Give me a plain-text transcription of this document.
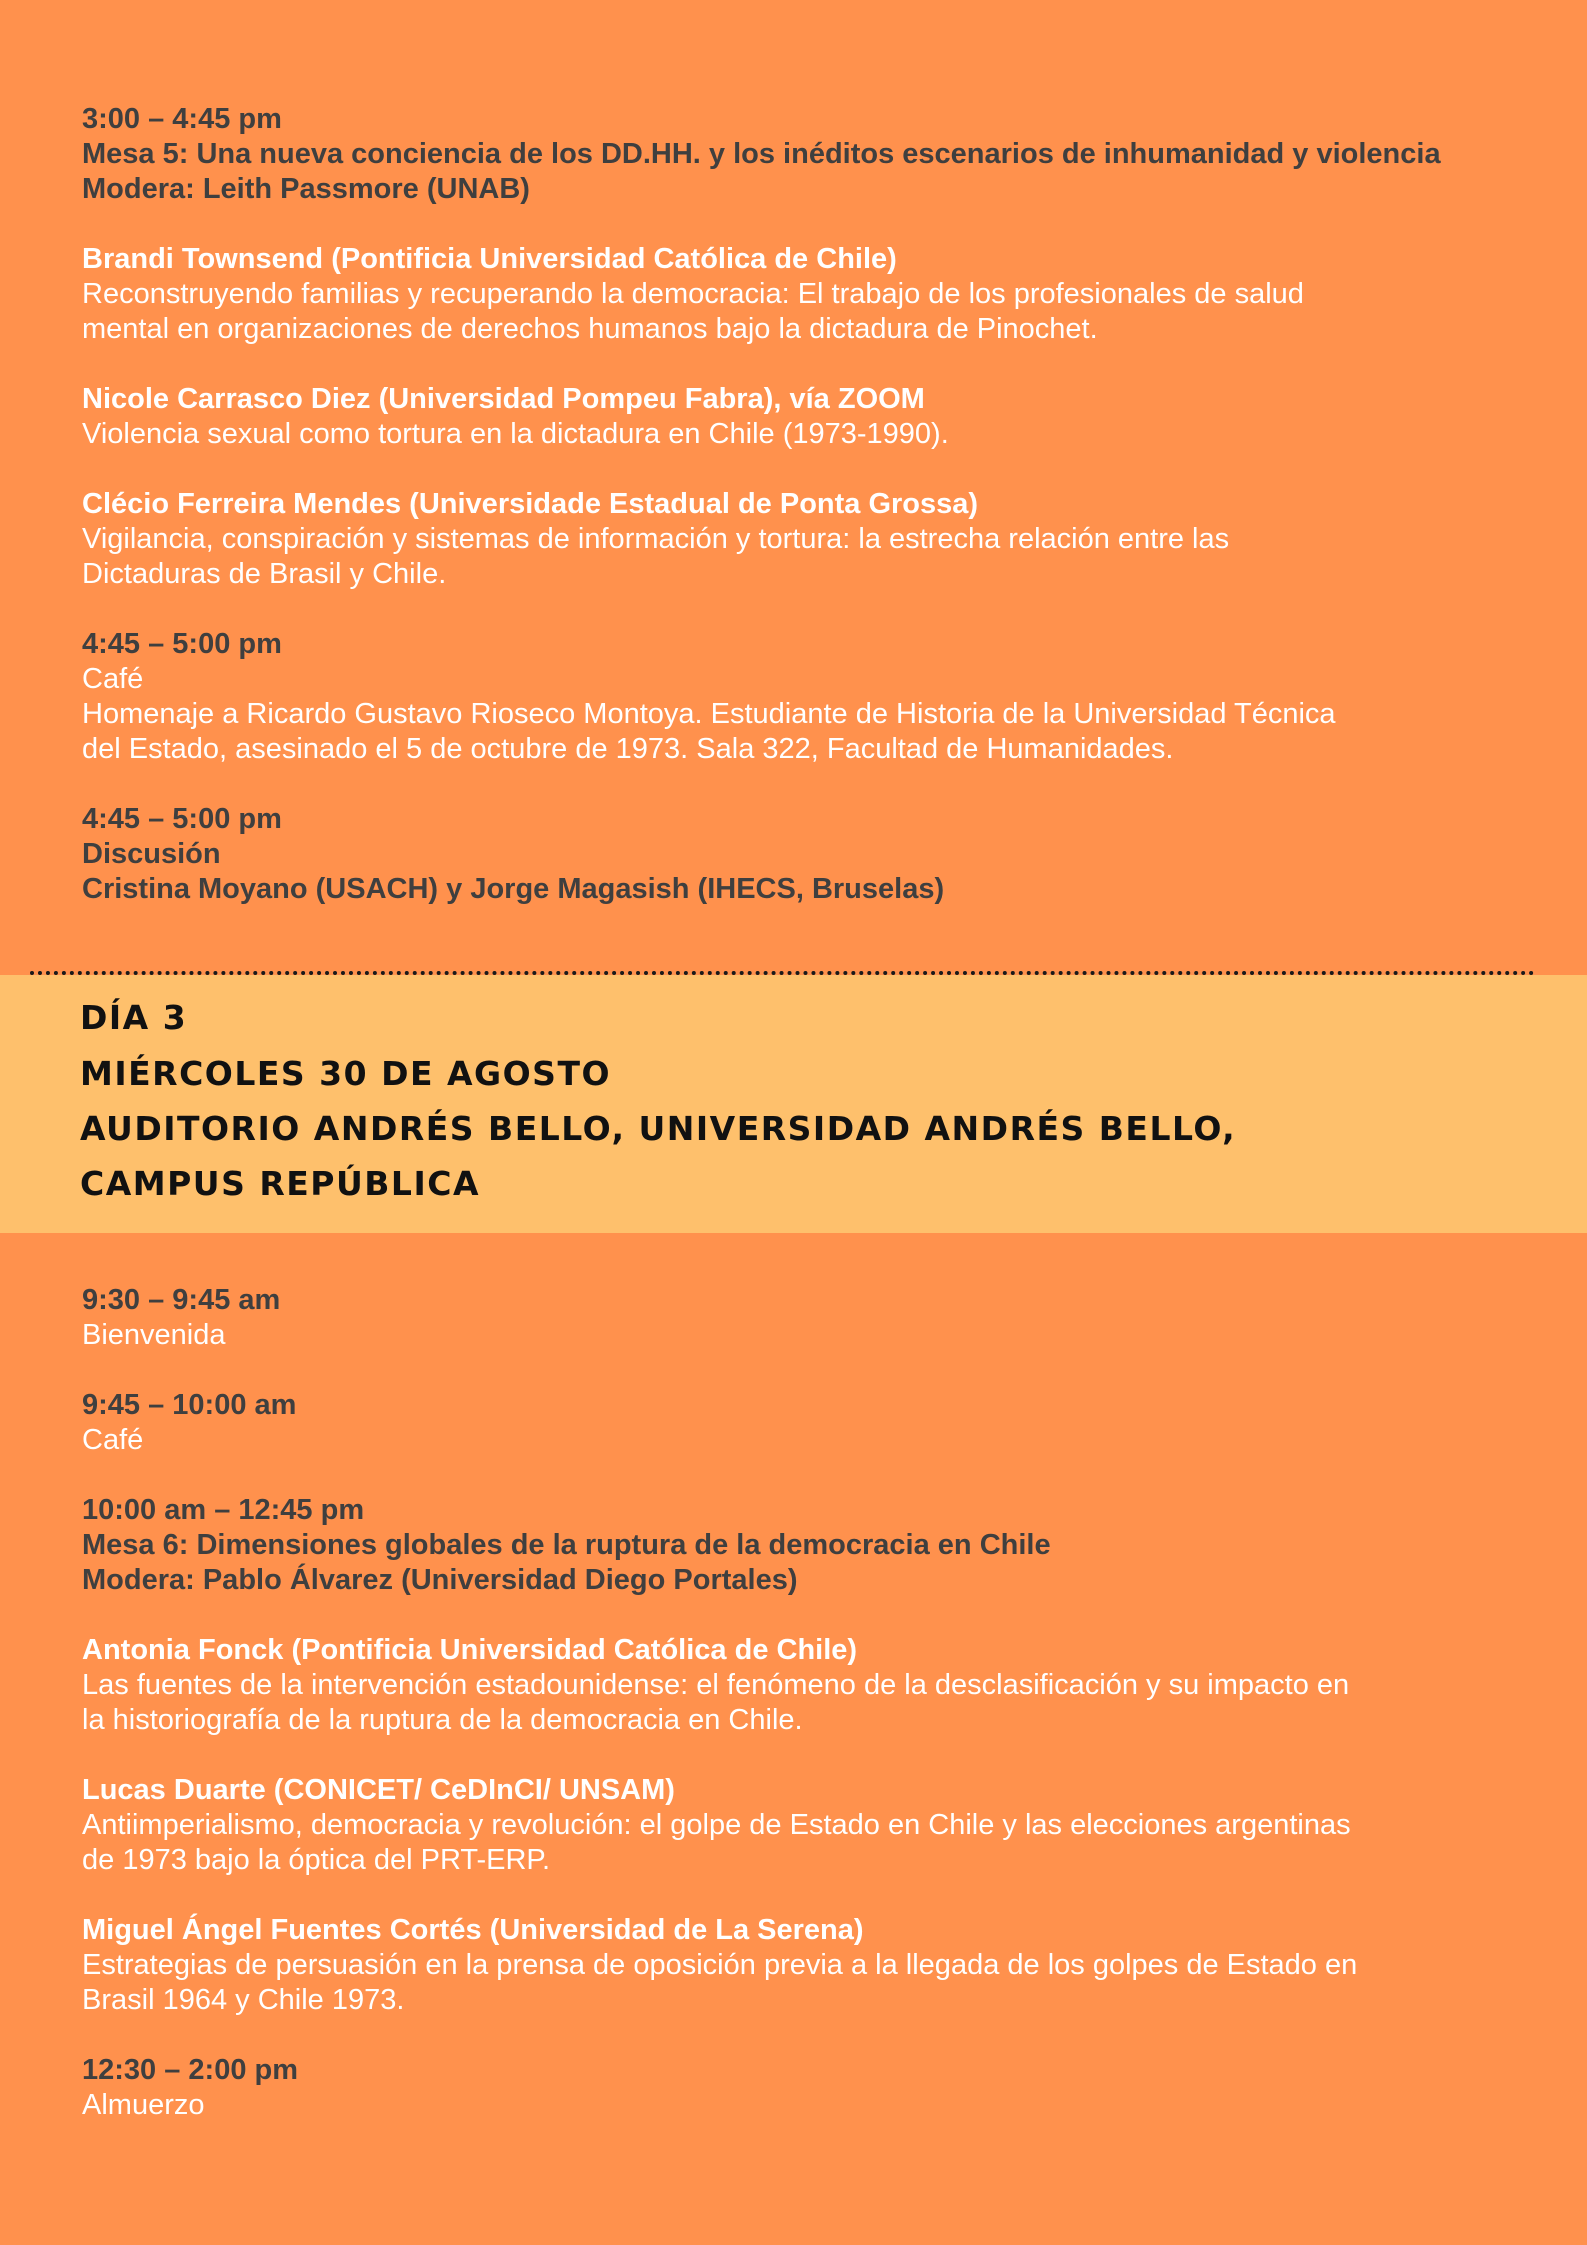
3:00 – 4:45 pm
Mesa 5: Una nueva conciencia de los DD.HH. y los inéditos escenarios de inhumanidad y violencia
Modera: Leith Passmore (UNAB)
Brandi Townsend (Pontificia Universidad Católica de Chile)
Reconstruyendo familias y recuperando la democracia: El trabajo de los profesionales de salud
mental en organizaciones de derechos humanos bajo la dictadura de Pinochet.
Nicole Carrasco Diez (Universidad Pompeu Fabra), vía ZOOM
Violencia sexual como tortura en la dictadura en Chile (1973-1990).
Clécio Ferreira Mendes (Universidade Estadual de Ponta Grossa)
Vigilancia, conspiración y sistemas de información y tortura: la estrecha relación entre las
Dictaduras de Brasil y Chile.
4:45 – 5:00 pm
Café
Homenaje a Ricardo Gustavo Rioseco Montoya. Estudiante de Historia de la Universidad Técnica
del Estado, asesinado el 5 de octubre de 1973. Sala 322, Facultad de Humanidades.
4:45 – 5:00 pm
Discusión
Cristina Moyano (USACH) y Jorge Magasish (IHECS, Bruselas)
DÍA 3
MIÉRCOLES 30 DE AGOSTO
AUDITORIO ANDRÉS BELLO, UNIVERSIDAD ANDRÉS BELLO,
CAMPUS REPÚBLICA
9:30 – 9:45 am
Bienvenida
9:45 – 10:00 am
Café
10:00 am – 12:45 pm
Mesa 6: Dimensiones globales de la ruptura de la democracia en Chile
Modera: Pablo Álvarez (Universidad Diego Portales)
Antonia Fonck (Pontificia Universidad Católica de Chile)
Las fuentes de la intervención estadounidense: el fenómeno de la desclasificación y su impacto en
la historiografía de la ruptura de la democracia en Chile.
Lucas Duarte (CONICET/ CeDInCI/ UNSAM)
Antiimperialismo, democracia y revolución: el golpe de Estado en Chile y las elecciones argentinas
de 1973 bajo la óptica del PRT-ERP.
Miguel Ángel Fuentes Cortés (Universidad de La Serena)
Estrategias de persuasión en la prensa de oposición previa a la llegada de los golpes de Estado en
Brasil 1964 y Chile 1973.
12:30 – 2:00 pm
Almuerzo
